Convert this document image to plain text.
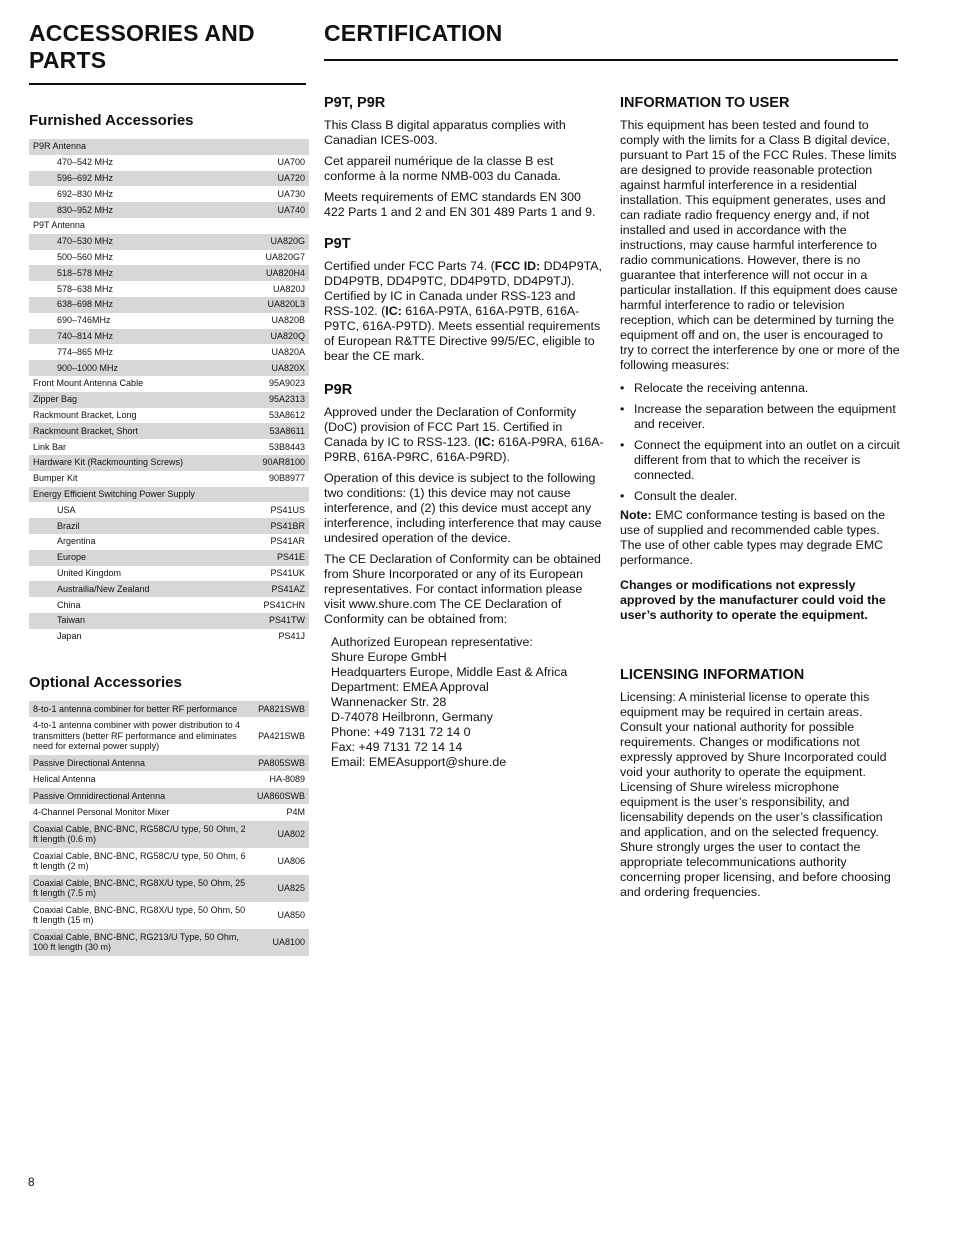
ACCESSORIES AND PARTS
Furnished Accessories
P9R Antenna	
470–542 MHz	UA700
596–692 MHz	UA720
692–830 MHz	UA730
830–952 MHz	UA740
P9T Antenna	
470–530 MHz	UA820G
500–560 MHz	UA820G7
518–578 MHz	UA820H4
578–638 MHz	UA820J
638–698 MHz	UA820L3
690–746MHz	UA820B
740–814 MHz	UA820Q
774–865 MHz	UA820A
900–1000 MHz	UA820X
Front Mount Antenna Cable	95A9023
Zipper Bag	95A2313
Rackmount Bracket, Long	53A8612
Rackmount Bracket, Short	53A8611
Link Bar	53B8443
Hardware Kit (Rackmounting Screws)	90AR8100
Bumper Kit	90B8977
Energy Efficient Switching Power Supply	
USA	PS41US
Brazil	PS41BR
Argentina	PS41AR
Europe	PS41E
United Kingdom	PS41UK
Austrailia/New Zealand	PS41AZ
China	PS41CHN
Taiwan	PS41TW
Japan	PS41J
Optional Accessories
8-to-1 antenna combiner for better RF performance	PA821SWB
4-to-1 antenna combiner with power distribution to 4 transmitters (better RF performance and eliminates need for external power supply)	PA421SWB
Passive Directional Antenna	PA805SWB
Helical Antenna	HA-8089
Passive Omnidirectional Antenna	UA860SWB
4-Channel Personal Monitor Mixer	P4M
Coaxial Cable, BNC-BNC, RG58C/U type, 50 Ohm, 2 ft length (0.6 m)	UA802
Coaxial Cable, BNC-BNC, RG58C/U type, 50 Ohm, 6 ft length (2 m)	UA806
Coaxial Cable, BNC-BNC, RG8X/U type, 50 Ohm, 25 ft length (7.5 m)	UA825
Coaxial Cable, BNC-BNC, RG8X/U type, 50 Ohm, 50 ft length (15 m)	UA850
Coaxial Cable, BNC-BNC, RG213/U Type, 50 Ohm, 100 ft length (30 m)	UA8100
CERTIFICATION
P9T, P9R

This Class B digital apparatus complies with Canadian ICES-003.

Cet appareil numérique de la classe B est conforme à la norme NMB-003 du Canada.

Meets requirements of EMC standards EN 300 422 Parts 1 and 2 and EN 301 489 Parts 1 and 9.

P9T

Certified under FCC Parts 74. (FCC ID: DD4P9TA, DD4P9TB, DD4P9TC, DD4P9TD, DD4P9TJ). Certified by IC in Canada under RSS-123 and RSS-102. (IC: 616A-P9TA, 616A-P9TB, 616A-P9TC, 616A-P9TD). Meets essential requirements of European R&TTE Directive 99/5/EC, eligible to bear the CE mark.

P9R

Approved under the Declaration of Conformity (DoC) provision of FCC Part 15. Certified in Canada by IC to RSS-123. (IC: 616A-P9RA, 616A-P9RB, 616A-P9RC, 616A-P9RD).

Operation of this device is subject to the following two conditions: (1) this device may not cause interference, and (2) this device must accept any interference, including interference that may cause undesired operation of the device.

The CE Declaration of Conformity can be obtained from Shure Incorporated or any of its European representatives. For contact information please visit www.shure.com The CE Declaration of Conformity can be obtained from:

Authorized European representative:
Shure Europe GmbH
Headquarters Europe, Middle East & Africa
Department: EMEA Approval
Wannenacker Str. 28
D-74078 Heilbronn, Germany
Phone: +49 7131 72 14 0
Fax: +49 7131 72 14 14
Email: EMEAsupport@shure.de
INFORMATION TO USER

This equipment has been tested and found to comply with the limits for a Class B digital device, pursuant to Part 15 of the FCC Rules. These limits are designed to provide reasonable protection against harmful interference in a residential installation. This equipment generates, uses and can radiate radio frequency energy and, if not installed and used in accordance with the instructions, may cause harmful interference to radio communications. However, there is no guarantee that interference will not occur in a particular installation. If this equipment does cause harmful interference to radio or television reception, which can be determined by turning the equipment off and on, the user is encouraged to try to correct the interference by one or more of the following measures:

• Relocate the receiving antenna.
• Increase the separation between the equipment and receiver.
• Connect the equipment into an outlet on a circuit different from that to which the receiver is connected.
• Consult the dealer.

Note: EMC conformance testing is based on the use of supplied and recommended cable types. The use of other cable types may degrade EMC performance.

Changes or modifications not expressly approved by the manufacturer could void the user’s authority to operate the equipment.

LICENSING INFORMATION

Licensing: A ministerial license to operate this equipment may be required in certain areas. Consult your national authority for possible requirements. Changes or modifications not expressly approved by Shure Incorporated could void your authority to operate the equipment. Licensing of Shure wireless microphone equipment is the user’s responsibility, and licensability depends on the user’s classification and application, and on the selected frequency. Shure strongly urges the user to contact the appropriate telecommunications authority concerning proper licensing, and before choosing and ordering frequencies.

8
